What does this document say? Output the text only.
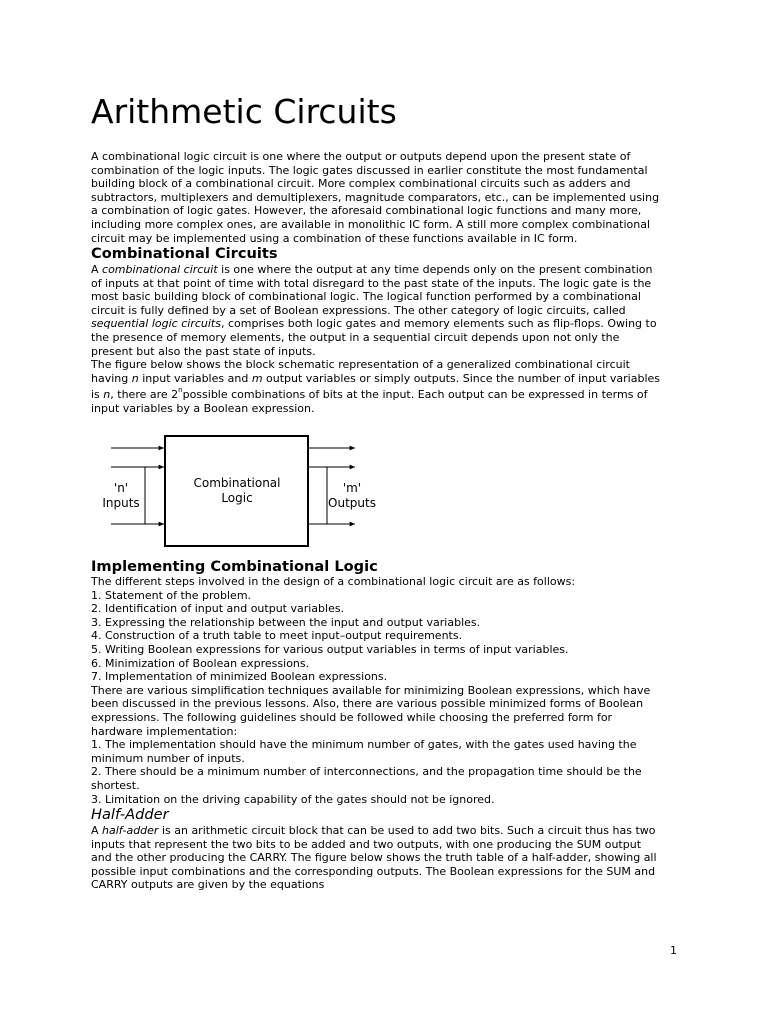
Arithmetic Circuits

A combinational logic circuit is one where the output or outputs depend upon the present state of
combination of the logic inputs. The logic gates discussed in earlier constitute the most fundamental
building block of a combinational circuit. More complex combinational circuits such as adders and
subtractors, multiplexers and demultiplexers, magnitude comparators, etc., can be implemented using
a combination of logic gates. However, the aforesaid combinational logic functions and many more,
including more complex ones, are available in monolithic IC form. A still more complex combinational
circuit may be implemented using a combination of these functions available in IC form.

Combinational Circuits

A combinational circuit is one where the output at any time depends only on the present combination
of inputs at that point of time with total disregard to the past state of the inputs. The logic gate is the
most basic building block of combinational logic. The logical function performed by a combinational
circuit is fully defined by a set of Boolean expressions. The other category of logic circuits, called
sequential logic circuits, comprises both logic gates and memory elements such as flip-flops. Owing to
the presence of memory elements, the output in a sequential circuit depends upon not only the
present but also the past state of inputs.
The figure below shows the block schematic representation of a generalized combinational circuit
having n input variables and m output variables or simply outputs. Since the number of input variables
is n, there are 2$^n$possible combinations of bits at the input. Each output can be expressed in terms of
input variables by a Boolean expression.

Combinational
Logic
'n'
Inputs
'm'
Outputs
Implementing Combinational Logic

The different steps involved in the design of a combinational logic circuit are as follows:
1. Statement of the problem.
2. Identification of input and output variables.
3. Expressing the relationship between the input and output variables.
4. Construction of a truth table to meet input–output requirements.
5. Writing Boolean expressions for various output variables in terms of input variables.
6. Minimization of Boolean expressions.
7. Implementation of minimized Boolean expressions.
There are various simplification techniques available for minimizing Boolean expressions, which have
been discussed in the previous lessons. Also, there are various possible minimized forms of Boolean
expressions. The following guidelines should be followed while choosing the preferred form for
hardware implementation:
1. The implementation should have the minimum number of gates, with the gates used having the
minimum number of inputs.
2. There should be a minimum number of interconnections, and the propagation time should be the
shortest.
3. Limitation on the driving capability of the gates should not be ignored.

Half-Adder

A half-adder is an arithmetic circuit block that can be used to add two bits. Such a circuit thus has two
inputs that represent the two bits to be added and two outputs, with one producing the SUM output
and the other producing the CARRY. The figure below shows the truth table of a half-adder, showing all
possible input combinations and the corresponding outputs. The Boolean expressions for the SUM and
CARRY outputs are given by the equations

1
